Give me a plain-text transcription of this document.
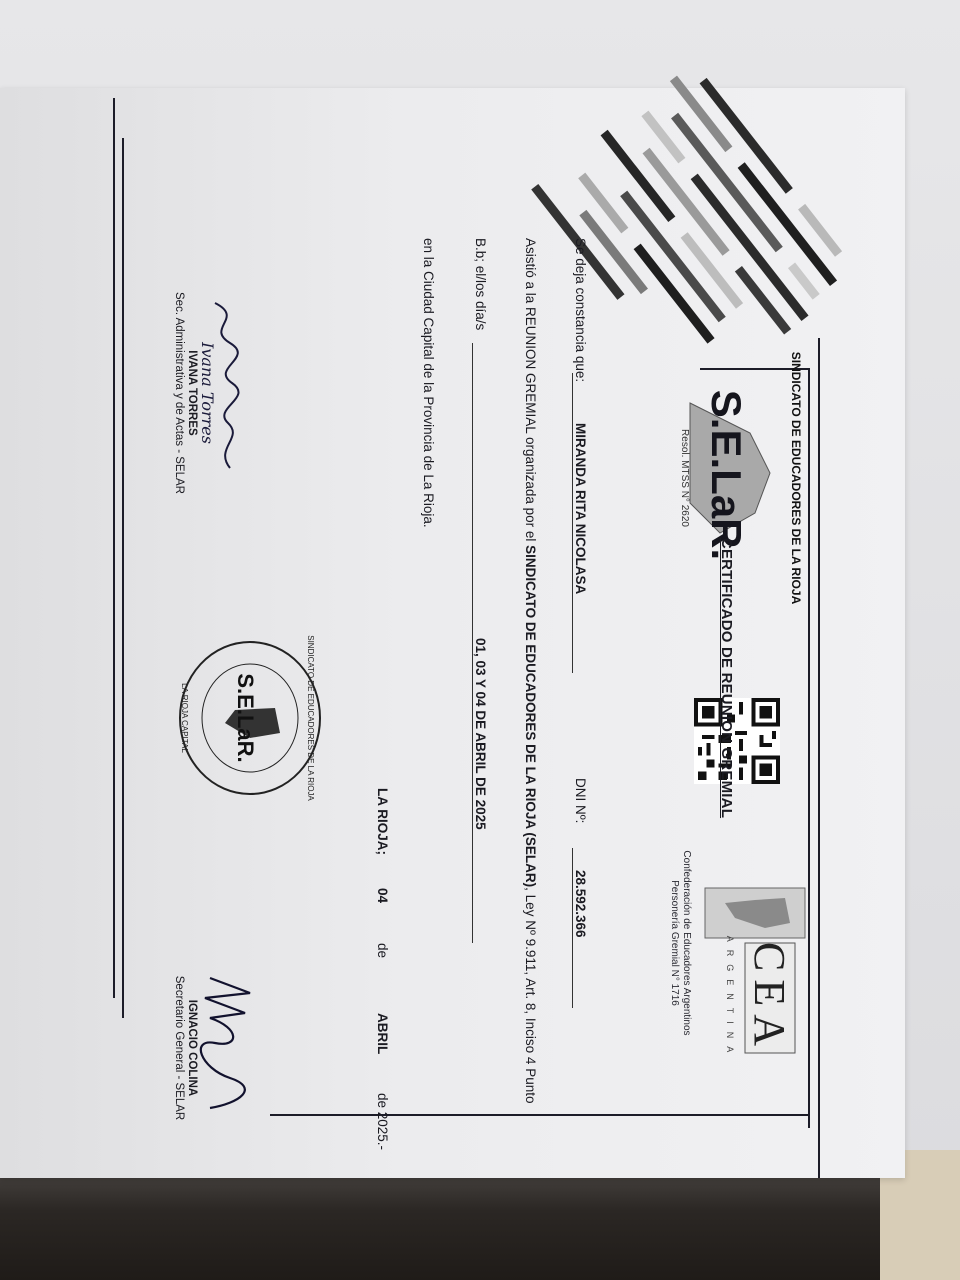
SINDICATO DE EDUCADORES DE LA RIOJA
S.E.LaR.
Resol. MTSS N° 2620
CEA
ARGENTINA
Confederación de Educadores Argentinos
Personería Gremial N° 1716
CERTIFICADO DE REUNION GREMIAL
Se deja constancia que:
MIRANDA RITA NICOLASA
DNI Nº:
28.592.366
Asistió a la REUNION GREMIAL organizada por el SINDICATO DE EDUCADORES DE LA RIOJA (SELAR), Ley Nº 9.911, Art. 8, Inciso 4 Punto
B.b; el/los día/s
01, 03 Y 04 DE ABRIL DE 2025
en la Ciudad Capital de la Provincia de La Rioja.
LA RIOJA;
04
de
ABRIL
de 2025.-
Ivana Torres
IVANA TORRES
Sec. Administrativa y de Actas - SELAR
SINDICATO DE EDUCADORES DE LA RIOJA
S.E.LaR.
LA RIOJA CAPITAL
IGNACIO COLINA
Secretario General - SELAR
